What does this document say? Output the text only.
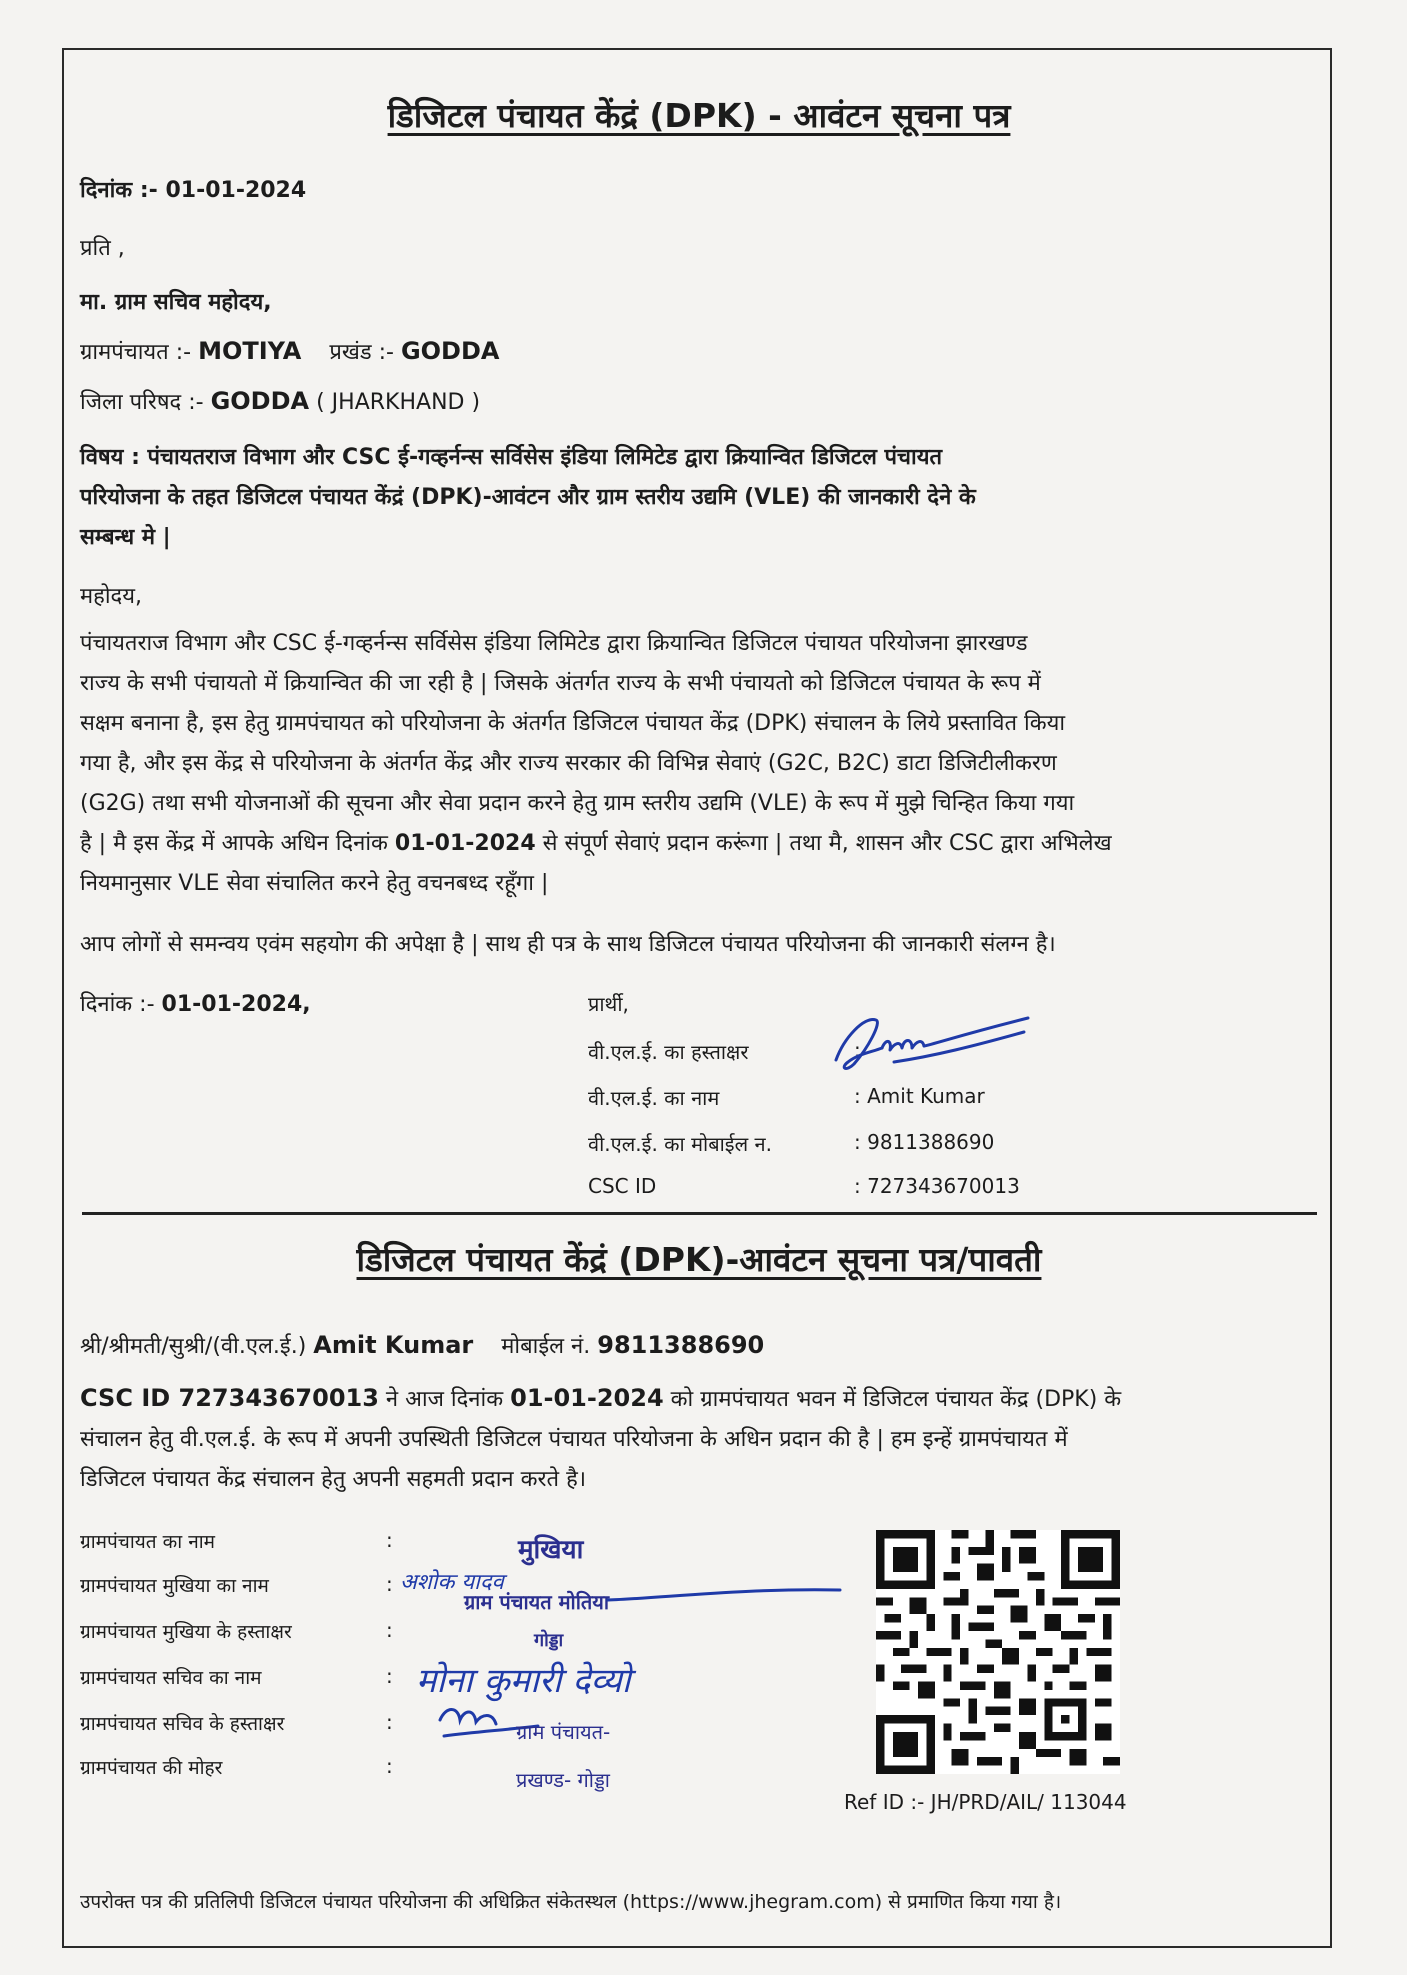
डिजिटल पंचायत केंद्रं (DPK) - आवंटन सूचना पत्र
दिनांक :- 01-01-2024
प्रति ,
मा. ग्राम सचिव महोदय,
ग्रामपंचायत :- MOTIYA प्रखंड :- GODDA
जिला परिषद :- GODDA ( JHARKHAND )
विषय : पंचायतराज विभाग और CSC ई-गव्हर्नन्स सर्विसेस इंडिया लिमिटेड द्वारा क्रियान्वित डिजिटल पंचायत
परियोजना के तहत डिजिटल पंचायत केंद्रं (DPK)-आवंटन और ग्राम स्तरीय उद्यमि (VLE) की जानकारी देने के
सम्बन्ध मे |
महोदय,
पंचायतराज विभाग और CSC ई-गव्हर्नन्स सर्विसेस इंडिया लिमिटेड द्वारा क्रियान्वित डिजिटल पंचायत परियोजना झारखण्ड
राज्य के सभी पंचायतो में क्रियान्वित की जा रही है | जिसके अंतर्गत राज्य के सभी पंचायतो को डिजिटल पंचायत के रूप में
सक्षम बनाना है, इस हेतु ग्रामपंचायत को परियोजना के अंतर्गत डिजिटल पंचायत केंद्र (DPK) संचालन के लिये प्रस्तावित किया
गया है, और इस केंद्र से परियोजना के अंतर्गत केंद्र और राज्य सरकार की विभिन्न सेवाएं (G2C, B2C) डाटा डिजिटीलीकरण
(G2G) तथा सभी योजनाओं की सूचना और सेवा प्रदान करने हेतु ग्राम स्तरीय उद्यमि (VLE) के रूप में मुझे चिन्हित किया गया
है | मै इस केंद्र में आपके अधिन दिनांक 01-01-2024 से संपूर्ण सेवाएं प्रदान करूंगा | तथा मै, शासन और CSC द्वारा अभिलेख
नियमानुसार VLE सेवा संचालित करने हेतु वचनबध्द रहूँगा |
आप लोगों से समन्वय एवंम सहयोग की अपेक्षा है | साथ ही पत्र के साथ डिजिटल पंचायत परियोजना की जानकारी संलग्न है।
दिनांक :- 01-01-2024,	प्रार्थी,
वी.एल.ई. का हस्ताक्षर
वी.एल.ई. का नाम
वी.एल.ई. का मोबाईल न.
CSC ID
:
: Amit Kumar
: 9811388690
: 727343670013
डिजिटल पंचायत केंद्रं (DPK)-आवंटन सूचना पत्र/पावती
श्री/श्रीमती/सुश्री/(वी.एल.ई.) Amit Kumar मोबाईल नं. 9811388690
CSC ID 727343670013 ने आज दिनांक 01-01-2024 को ग्रामपंचायत भवन में डिजिटल पंचायत केंद्र (DPK) के
संचालन हेतु वी.एल.ई. के रूप में अपनी उपस्थिती डिजिटल पंचायत परियोजना के अधिन प्रदान की है | हम इन्हें ग्रामपंचायत में
डिजिटल पंचायत केंद्र संचालन हेतु अपनी सहमती प्रदान करते है।
ग्रामपंचायत का नाम
ग्रामपंचायत मुखिया का नाम
ग्रामपंचायत मुखिया के हस्ताक्षर
ग्रामपंचायत सचिव का नाम
ग्रामपंचायत सचिव के हस्ताक्षर
ग्रामपंचायत की मोहर
:
:
:
:
:
:
मुखिया
अशोक यादव
ग्राम पंचायत मोतिया
गोड्डा
मोना कुमारी देव्यो
ग्राम पंचायत-
प्रखण्ड- गोड्डा
Ref ID :- JH/PRD/AIL/ 113044
उपरोक्त पत्र की प्रतिलिपी डिजिटल पंचायत परियोजना की अधिक्रित संकेतस्थल (https://www.jhegram.com) से प्रमाणित किया गया है।
